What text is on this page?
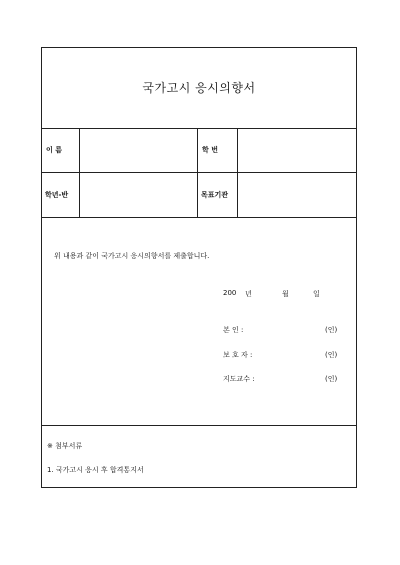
국가고시 응시의향서
이 름	학 번
학년-반	목표기관
위 내용과 같이 국가고시 응시의향서를 제출합니다.
200 년	월	일
본 인 :	(인)
보 호 자 :	(인)
지도교수 :	(인)
※ 첨부서류
1. 국가고시 응시 후 합격통지서
